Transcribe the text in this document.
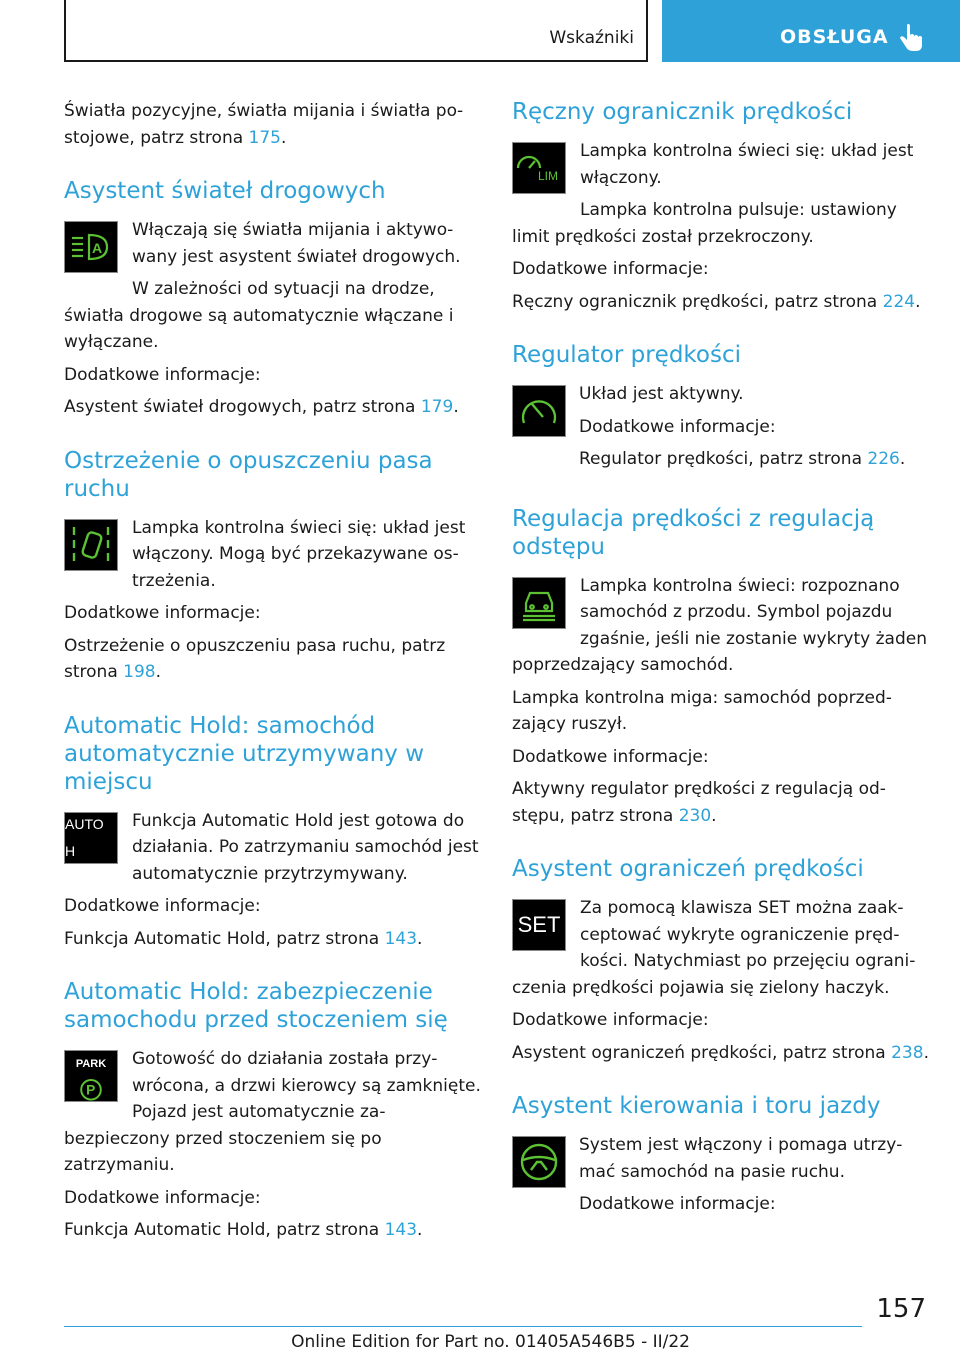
Wskaźniki	OBSŁUGA

Światła pozycyjne, światła mijania i światła postojowe, patrz strona 175.

Asystent świateł drogowych
A

Włączają się światła mijania i aktywowany jest asystent świateł drogowych.

W zależności od sytuacji na drodze, światła drogowe są automatycznie włączane i wyłączane.

Dodatkowe informacje:

Asystent świateł drogowych, patrz strona 179.

Ostrzeżenie o opuszczeniu pasa ruchu

Lampka kontrolna świeci się: układ jest włączony. Mogą być przekazywane ostrzeżenia.

Dodatkowe informacje:

Ostrzeżenie o opuszczeniu pasa ruchu, patrz strona 198.

Automatic Hold: samochód automatycznie utrzymywany w miejscu
AUTO H

Funkcja Automatic Hold jest gotowa do działania. Po zatrzymaniu samochód jest automatycznie przytrzymywany.

Dodatkowe informacje:

Funkcja Automatic Hold, patrz strona 143.

Automatic Hold: zabezpieczenie samochodu przed stoczeniem się
PARK
P

Gotowość do działania została przywrócona, a drzwi kierowcy są zamknięte. Pojazd jest automatycznie zabezpieczony przed stoczeniem się po zatrzymaniu.

Dodatkowe informacje:

Funkcja Automatic Hold, patrz strona 143.

Ręczny ogranicznik prędkości
LIM

Lampka kontrolna świeci się: układ jest włączony.

Lampka kontrolna pulsuje: ustawiony limit prędkości został przekroczony.

Dodatkowe informacje:

Ręczny ogranicznik prędkości, patrz strona 224.

Regulator prędkości

Układ jest aktywny.

Dodatkowe informacje:

Regulator prędkości, patrz strona 226.

Regulacja prędkości z regulacją odstępu

Lampka kontrolna świeci: rozpoznano samochód z przodu. Symbol pojazdu zgaśnie, jeśli nie zostanie wykryty żaden poprzedzający samochód.

Lampka kontrolna miga: samochód poprzedzający ruszył.

Dodatkowe informacje:

Aktywny regulator prędkości z regulacją odstępu, patrz strona 230.

Asystent ograniczeń prędkości
SET

Za pomocą klawisza SET można zaakceptować wykryte ograniczenie prędkości. Natychmiast po przejęciu ograniczenia prędkości pojawia się zielony haczyk.

Dodatkowe informacje:

Asystent ograniczeń prędkości, patrz strona 238.

Asystent kierowania i toru jazdy

System jest włączony i pomaga utrzymać samochód na pasie ruchu.

Dodatkowe informacje:

157
Online Edition for Part no. 01405A546B5 - II/22
